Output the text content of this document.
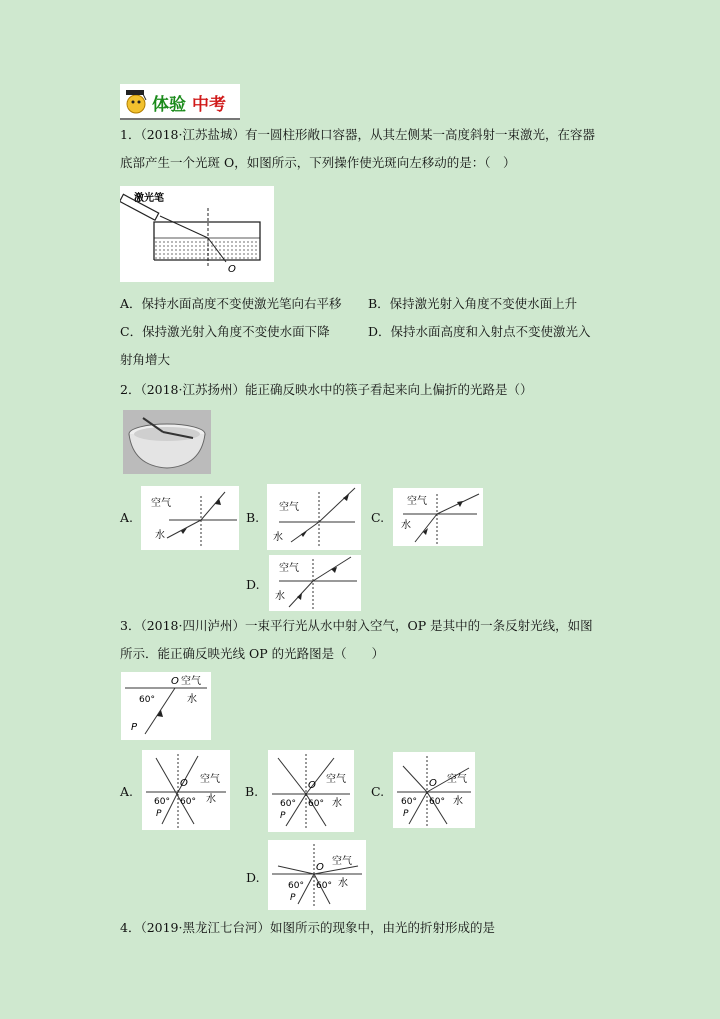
体验 中考
1．（2018·江苏盐城）有一圆柱形敞口容器，从其左侧某一高度斜射一束激光，在容器
底部产生一个光斑 O，如图所示，下列操作使光斑向左移动的是：（　）
激光笔
O
A．保持水面高度不变使激光笔向右平移 B．保持激光射入角度不变使水面上升
C．保持激光射入角度不变使水面下降	D．保持水面高度和入射点不变使激光入
射角增大
2．（2018·江苏扬州）能正确反映水中的筷子看起来向上偏折的光路是（）
A.
空气
水
B.
空气
水
C.
空气
水
D.
空气
水
3．（2018·四川泸州）一束平行光从水中射入空气，OP 是其中的一条反射光线，如图
所示．能正确反映光线 OP 的光路图是（　　）
O 空气
水
60°
P
A.
O 空气
水
60° 60°
P
B.	O
空气
水
60° 60°
P
C.
O 空气
水
60° 60°
P
D.
O
空气
水
60° 60°
P
4．（2019·黑龙江七台河）如图所示的现象中，由光的折射形成的是
